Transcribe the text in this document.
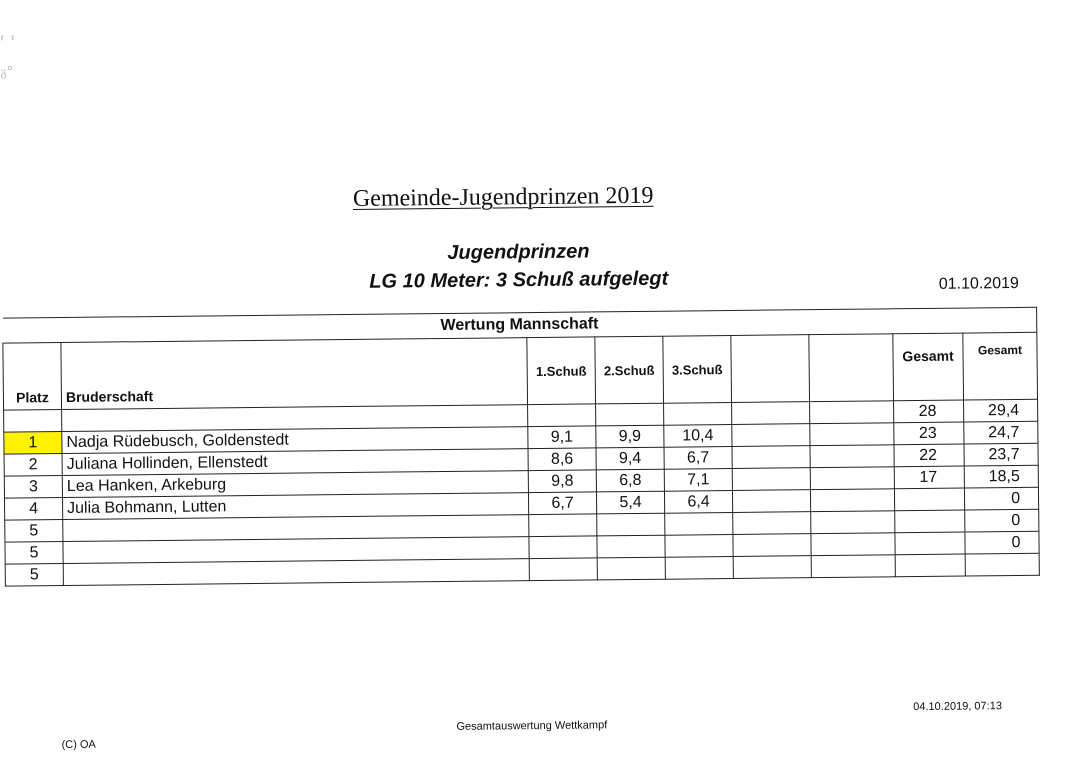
⸢ ⸣
ᵹ°
Gemeinde-Jugendprinzen 2019
Jugendprinzen
LG 10 Meter: 3 Schuß aufgelegt	01.10.2019
Wertung Mannschaft								
Platz	Bruderschaft	1.Schuß	2.Schuß	3.Schuß			Gesamt	Gesamt
							28	29,4
1	Nadja Rüdebusch, Goldenstedt	9,1	9,9	10,4			23	24,7
2	Juliana Hollinden, Ellenstedt	8,6	9,4	6,7			22	23,7
3	Lea Hanken, Arkeburg	9,8	6,8	7,1			17	18,5
4	Julia Bohmann, Lutten	6,7	5,4	6,4				0
5								0
5								0
5								
(C) OA
Gesamtauswertung Wettkampf
04.10.2019, 07:13
